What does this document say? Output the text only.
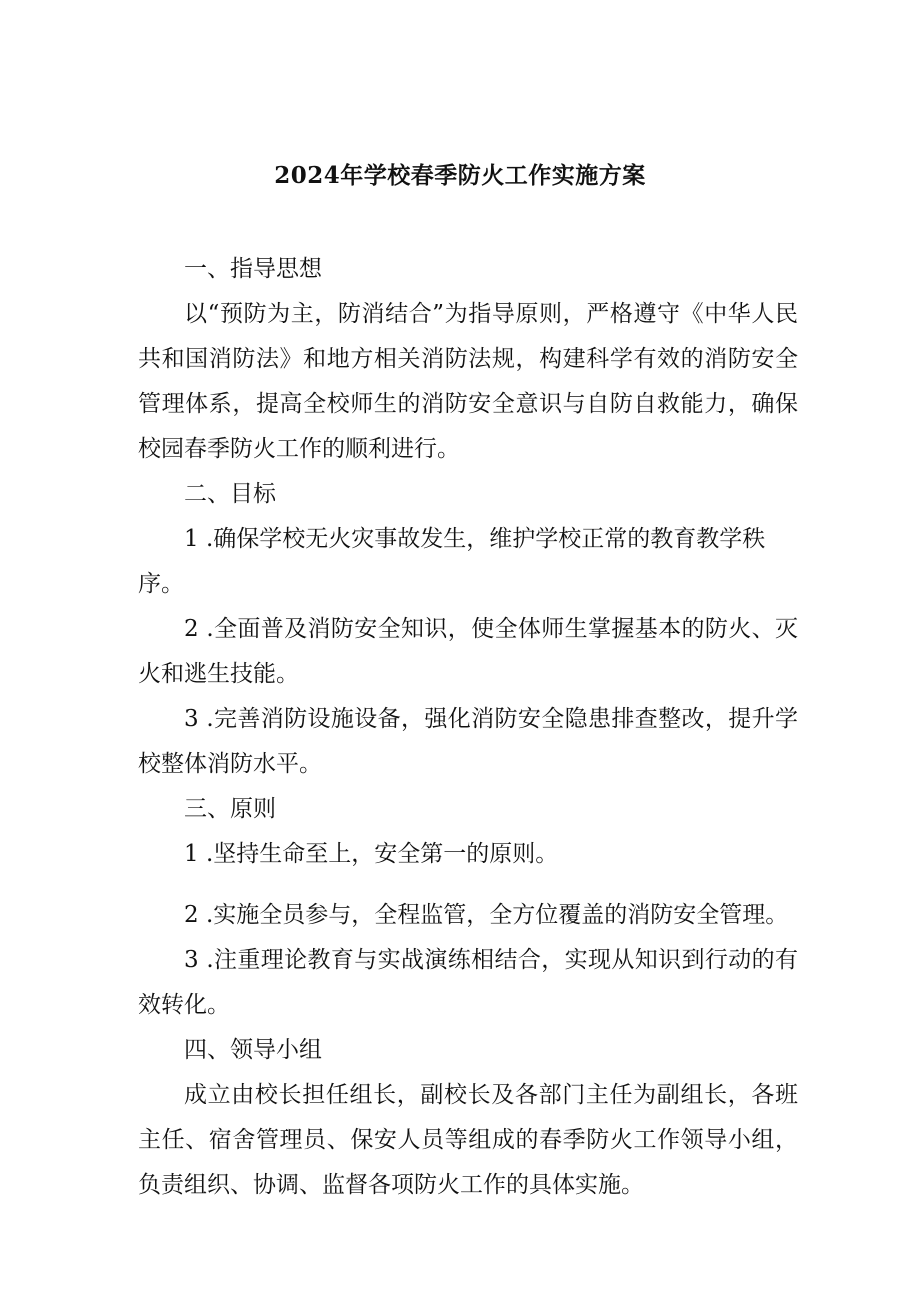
2024年学校春季防火工作实施方案

一、指导思想

以“预防为主，防消结合”为指导原则，严格遵守《中华人民共和国消防法》和地方相关消防法规，构建科学有效的消防安全管理体系，提高全校师生的消防安全意识与自防自救能力，确保校园春季防火工作的顺利进行。

二、目标

1 .确保学校无火灾事故发生，维护学校正常的教育教学秩序。

2 .全面普及消防安全知识，使全体师生掌握基本的防火、灭火和逃生技能。

3 .完善消防设施设备，强化消防安全隐患排查整改，提升学校整体消防水平。

三、原则

1 .坚持生命至上，安全第一的原则。

2 .实施全员参与，全程监管，全方位覆盖的消防安全管理。

3 .注重理论教育与实战演练相结合，实现从知识到行动的有效转化。

四、领导小组

成立由校长担任组长，副校长及各部门主任为副组长，各班主任、宿舍管理员、保安人员等组成的春季防火工作领导小组，负责组织、协调、监督各项防火工作的具体实施。
